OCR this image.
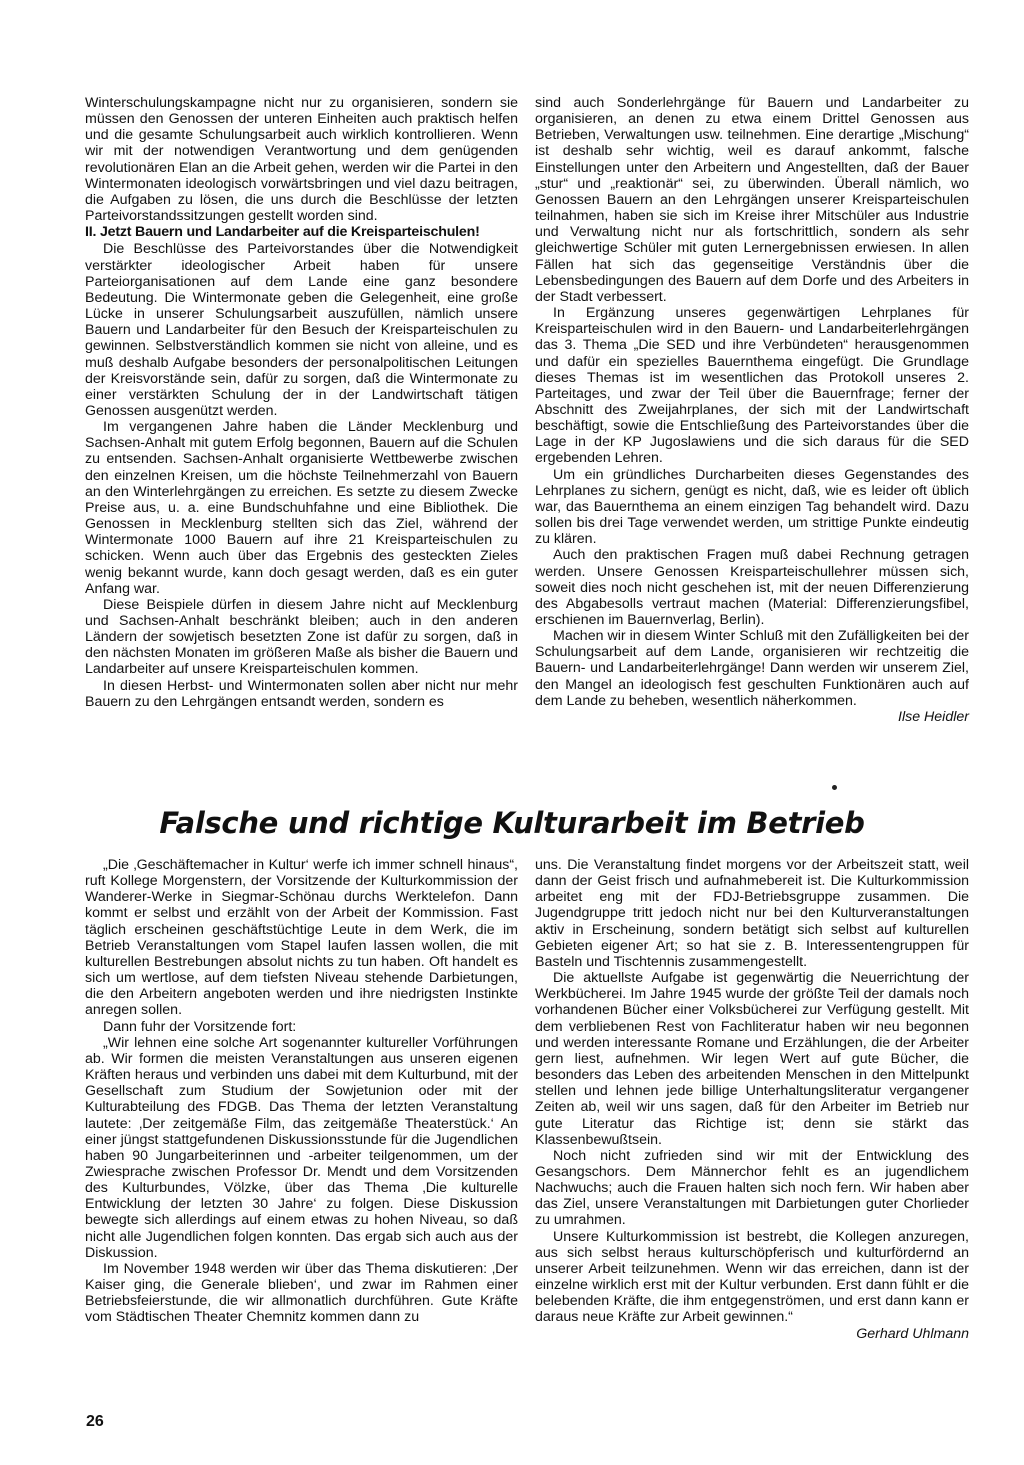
Winterschulungskampagne nicht nur zu organisieren, sondern sie müssen den Genossen der unteren Einheiten auch praktisch helfen und die gesamte Schulungsarbeit auch wirklich kontrollieren. Wenn wir mit der notwendigen Verantwortung und dem genügenden revolutionären Elan an die Arbeit gehen, werden wir die Partei in den Wintermonaten ideologisch vorwärtsbringen und viel dazu beitragen, die Aufgaben zu lösen, die uns durch die Beschlüsse der letzten Parteivorstandssitzungen gestellt worden sind.

II. Jetzt Bauern und Landarbeiter auf die Kreisparteischulen!

Die Beschlüsse des Parteivorstandes über die Notwendigkeit verstärkter ideologischer Arbeit haben für unsere Parteiorganisationen auf dem Lande eine ganz besondere Bedeutung. Die Wintermonate geben die Gelegenheit, eine große Lücke in unserer Schulungsarbeit auszufüllen, nämlich unsere Bauern und Landarbeiter für den Besuch der Kreisparteischulen zu gewinnen. Selbstverständlich kommen sie nicht von alleine, und es muß deshalb Aufgabe besonders der personalpolitischen Leitungen der Kreisvorstände sein, dafür zu sorgen, daß die Wintermonate zu einer verstärkten Schulung der in der Landwirtschaft tätigen Genossen ausgenützt werden.

Im vergangenen Jahre haben die Länder Mecklenburg und Sachsen-Anhalt mit gutem Erfolg begonnen, Bauern auf die Schulen zu entsenden. Sachsen-Anhalt organisierte Wettbewerbe zwischen den einzelnen Kreisen, um die höchste Teilnehmerzahl von Bauern an den Winterlehrgängen zu erreichen. Es setzte zu diesem Zwecke Preise aus, u. a. eine Bundschuhfahne und eine Bibliothek. Die Genossen in Mecklenburg stellten sich das Ziel, während der Wintermonate 1000 Bauern auf ihre 21 Kreisparteischulen zu schicken. Wenn auch über das Ergebnis des gesteckten Zieles wenig bekannt wurde, kann doch gesagt werden, daß es ein guter Anfang war.

Diese Beispiele dürfen in diesem Jahre nicht auf Mecklenburg und Sachsen-Anhalt beschränkt bleiben; auch in den anderen Ländern der sowjetisch besetzten Zone ist dafür zu sorgen, daß in den nächsten Monaten im größeren Maße als bisher die Bauern und Landarbeiter auf unsere Kreisparteischulen kommen.

In diesen Herbst- und Wintermonaten sollen aber nicht nur mehr Bauern zu den Lehrgängen entsandt werden, sondern es

sind auch Sonderlehrgänge für Bauern und Landarbeiter zu organisieren, an denen zu etwa einem Drittel Genossen aus Betrieben, Verwaltungen usw. teilnehmen. Eine derartige „Mischung“ ist deshalb sehr wichtig, weil es darauf ankommt, falsche Einstellungen unter den Arbeitern und Angestellten, daß der Bauer „stur“ und „reaktionär“ sei, zu überwinden. Überall nämlich, wo Genossen Bauern an den Lehrgängen unserer Kreisparteischulen teilnahmen, haben sie sich im Kreise ihrer Mitschüler aus Industrie und Verwaltung nicht nur als fortschrittlich, sondern als sehr gleichwertige Schüler mit guten Lernergebnissen erwiesen. In allen Fällen hat sich das gegenseitige Verständnis über die Lebensbedingungen des Bauern auf dem Dorfe und des Arbeiters in der Stadt verbessert.

In Ergänzung unseres gegenwärtigen Lehrplanes für Kreisparteischulen wird in den Bauern- und Landarbeiterlehrgängen das 3. Thema „Die SED und ihre Verbündeten“ herausgenommen und dafür ein spezielles Bauernthema eingefügt. Die Grundlage dieses Themas ist im wesentlichen das Protokoll unseres 2. Parteitages, und zwar der Teil über die Bauernfrage; ferner der Abschnitt des Zweijahrplanes, der sich mit der Landwirtschaft beschäftigt, sowie die Entschließung des Parteivorstandes über die Lage in der KP Jugoslawiens und die sich daraus für die SED ergebenden Lehren.

Um ein gründliches Durcharbeiten dieses Gegenstandes des Lehrplanes zu sichern, genügt es nicht, daß, wie es leider oft üblich war, das Bauernthema an einem einzigen Tag behandelt wird. Dazu sollen bis drei Tage verwendet werden, um strittige Punkte eindeutig zu klären.

Auch den praktischen Fragen muß dabei Rechnung getragen werden. Unsere Genossen Kreisparteischullehrer müssen sich, soweit dies noch nicht geschehen ist, mit der neuen Differenzierung des Abgabesolls vertraut machen (Material: Differenzierungsfibel, erschienen im Bauernverlag, Berlin).

Machen wir in diesem Winter Schluß mit den Zufälligkeiten bei der Schulungsarbeit auf dem Lande, organisieren wir rechtzeitig die Bauern- und Landarbeiterlehrgänge! Dann werden wir unserem Ziel, den Mangel an ideologisch fest geschulten Funktionären auch auf dem Lande zu beheben, wesentlich näherkommen.

Ilse Heidler
Falsche und richtige Kulturarbeit im Betrieb

„Die ‚Geschäftemacher in Kultur‘ werfe ich immer schnell hinaus“, ruft Kollege Morgenstern, der Vorsitzende der Kulturkommission der Wanderer-Werke in Siegmar-Schönau durchs Werktelefon. Dann kommt er selbst und erzählt von der Arbeit der Kommission. Fast täglich erscheinen geschäftstüchtige Leute in dem Werk, die im Betrieb Veranstaltungen vom Stapel laufen lassen wollen, die mit kulturellen Bestrebungen absolut nichts zu tun haben. Oft handelt es sich um wertlose, auf dem tiefsten Niveau stehende Darbietungen, die den Arbeitern angeboten werden und ihre niedrigsten Instinkte anregen sollen.

Dann fuhr der Vorsitzende fort:

„Wir lehnen eine solche Art sogenannter kultureller Vorführungen ab. Wir formen die meisten Veranstaltungen aus unseren eigenen Kräften heraus und verbinden uns dabei mit dem Kulturbund, mit der Gesellschaft zum Studium der Sowjetunion oder mit der Kulturabteilung des FDGB. Das Thema der letzten Veranstaltung lautete: ‚Der zeitgemäße Film, das zeitgemäße Theaterstück.‘ An einer jüngst stattgefundenen Diskussionsstunde für die Jugendlichen haben 90 Jungarbeiterinnen und -arbeiter teilgenommen, um der Zwiesprache zwischen Professor Dr. Mendt und dem Vorsitzenden des Kulturbundes, Völzke, über das Thema ‚Die kulturelle Entwicklung der letzten 30 Jahre‘ zu folgen. Diese Diskussion bewegte sich allerdings auf einem etwas zu hohen Niveau, so daß nicht alle Jugendlichen folgen konnten. Das ergab sich auch aus der Diskussion.

Im November 1948 werden wir über das Thema diskutieren: ‚Der Kaiser ging, die Generale blieben‘, und zwar im Rahmen einer Betriebsfeierstunde, die wir allmonatlich durchführen. Gute Kräfte vom Städtischen Theater Chemnitz kommen dann zu

uns. Die Veranstaltung findet morgens vor der Arbeitszeit statt, weil dann der Geist frisch und aufnahmebereit ist. Die Kulturkommission arbeitet eng mit der FDJ-Betriebsgruppe zusammen. Die Jugendgruppe tritt jedoch nicht nur bei den Kulturveranstaltungen aktiv in Erscheinung, sondern betätigt sich selbst auf kulturellen Gebieten eigener Art; so hat sie z. B. Interessentengruppen für Basteln und Tischtennis zusammengestellt.

Die aktuellste Aufgabe ist gegenwärtig die Neuerrichtung der Werkbücherei. Im Jahre 1945 wurde der größte Teil der damals noch vorhandenen Bücher einer Volksbücherei zur Verfügung gestellt. Mit dem verbliebenen Rest von Fachliteratur haben wir neu begonnen und werden interessante Romane und Erzählungen, die der Arbeiter gern liest, aufnehmen. Wir legen Wert auf gute Bücher, die besonders das Leben des arbeitenden Menschen in den Mittelpunkt stellen und lehnen jede billige Unterhaltungsliteratur vergangener Zeiten ab, weil wir uns sagen, daß für den Arbeiter im Betrieb nur gute Literatur das Richtige ist; denn sie stärkt das Klassenbewußtsein.

Noch nicht zufrieden sind wir mit der Entwicklung des Gesangschors. Dem Männerchor fehlt es an jugendlichem Nachwuchs; auch die Frauen halten sich noch fern. Wir haben aber das Ziel, unsere Veranstaltungen mit Darbietungen guter Chorlieder zu umrahmen.

Unsere Kulturkommission ist bestrebt, die Kollegen anzuregen, aus sich selbst heraus kulturschöpferisch und kulturfördernd an unserer Arbeit teilzunehmen. Wenn wir das erreichen, dann ist der einzelne wirklich erst mit der Kultur verbunden. Erst dann fühlt er die belebenden Kräfte, die ihm entgegenströmen, und erst dann kann er daraus neue Kräfte zur Arbeit gewinnen.“

Gerhard Uhlmann
26
